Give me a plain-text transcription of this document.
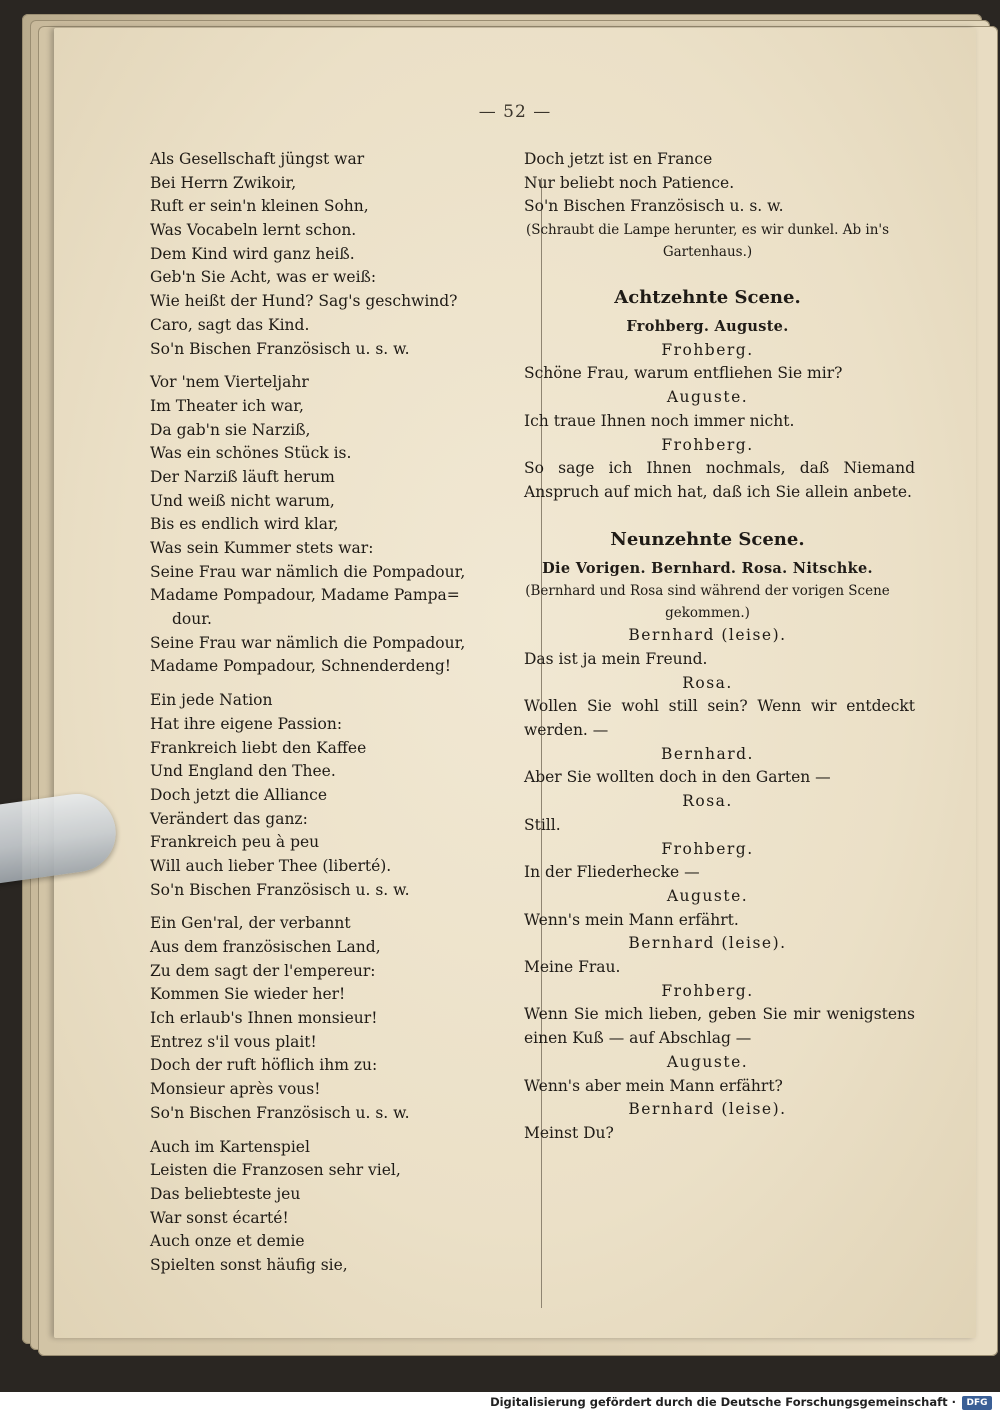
— 52 —
Als Gesellschaft jüngst war
Bei Herrn Zwikoir,
Ruft er sein'n kleinen Sohn,
Was Vocabeln lernt schon.
Dem Kind wird ganz heiß.
Geb'n Sie Acht, was er weiß:
Wie heißt der Hund? Sag's geschwind?
Caro, sagt das Kind.
So'n Bischen Französisch u. s. w.
Vor 'nem Vierteljahr
Im Theater ich war,
Da gab'n sie Narziß,
Was ein schönes Stück is.
Der Narziß läuft herum
Und weiß nicht warum,
Bis es endlich wird klar,
Was sein Kummer stets war:
Seine Frau war nämlich die Pompadour,
Madame Pompadour, Madame Pampa=
dour.
Seine Frau war nämlich die Pompadour,
Madame Pompadour, Schnenderdeng!
Ein jede Nation
Hat ihre eigene Passion:
Frankreich liebt den Kaffee
Und England den Thee.
Doch jetzt die Alliance
Verändert das ganz:
Frankreich peu à peu
Will auch lieber Thee (liberté).
So'n Bischen Französisch u. s. w.
Ein Gen'ral, der verbannt
Aus dem französischen Land,
Zu dem sagt der l'empereur:
Kommen Sie wieder her!
Ich erlaub's Ihnen monsieur!
Entrez s'il vous plait!
Doch der ruft höflich ihm zu:
Monsieur après vous!
So'n Bischen Französisch u. s. w.
Auch im Kartenspiel
Leisten die Franzosen sehr viel,
Das beliebteste jeu
War sonst écarté!
Auch onze et demie
Spielten sonst häufig sie,
Doch jetzt ist en France
Nur beliebt noch Patience.
So'n Bischen Französisch u. s. w.
(Schraubt die Lampe herunter, es wir dunkel. Ab in's Gartenhaus.)
Achtzehnte Scene.
Frohberg. Auguste.
Frohberg.
Schöne Frau, warum entfliehen Sie mir?
Auguste.
Ich traue Ihnen noch immer nicht.
Frohberg.
So sage ich Ihnen nochmals, daß Niemand Anspruch auf mich hat, daß ich Sie allein anbete.
Neunzehnte Scene.
Die Vorigen. Bernhard. Rosa. Nitschke.
(Bernhard und Rosa sind während der vorigen Scene gekommen.)
Bernhard (leise).
Das ist ja mein Freund.
Rosa.
Wollen Sie wohl still sein? Wenn wir entdeckt werden. —
Bernhard.
Aber Sie wollten doch in den Garten —
Rosa.
Still.
Frohberg.
In der Fliederhecke —
Auguste.
Wenn's mein Mann erfährt.
Bernhard (leise).
Meine Frau.
Frohberg.
Wenn Sie mich lieben, geben Sie mir wenigstens einen Kuß — auf Abschlag —
Auguste.
Wenn's aber mein Mann erfährt?
Bernhard (leise).
Meinst Du?
Digitalisierung gefördert durch die Deutsche Forschungsgemeinschaft ·	DFG
